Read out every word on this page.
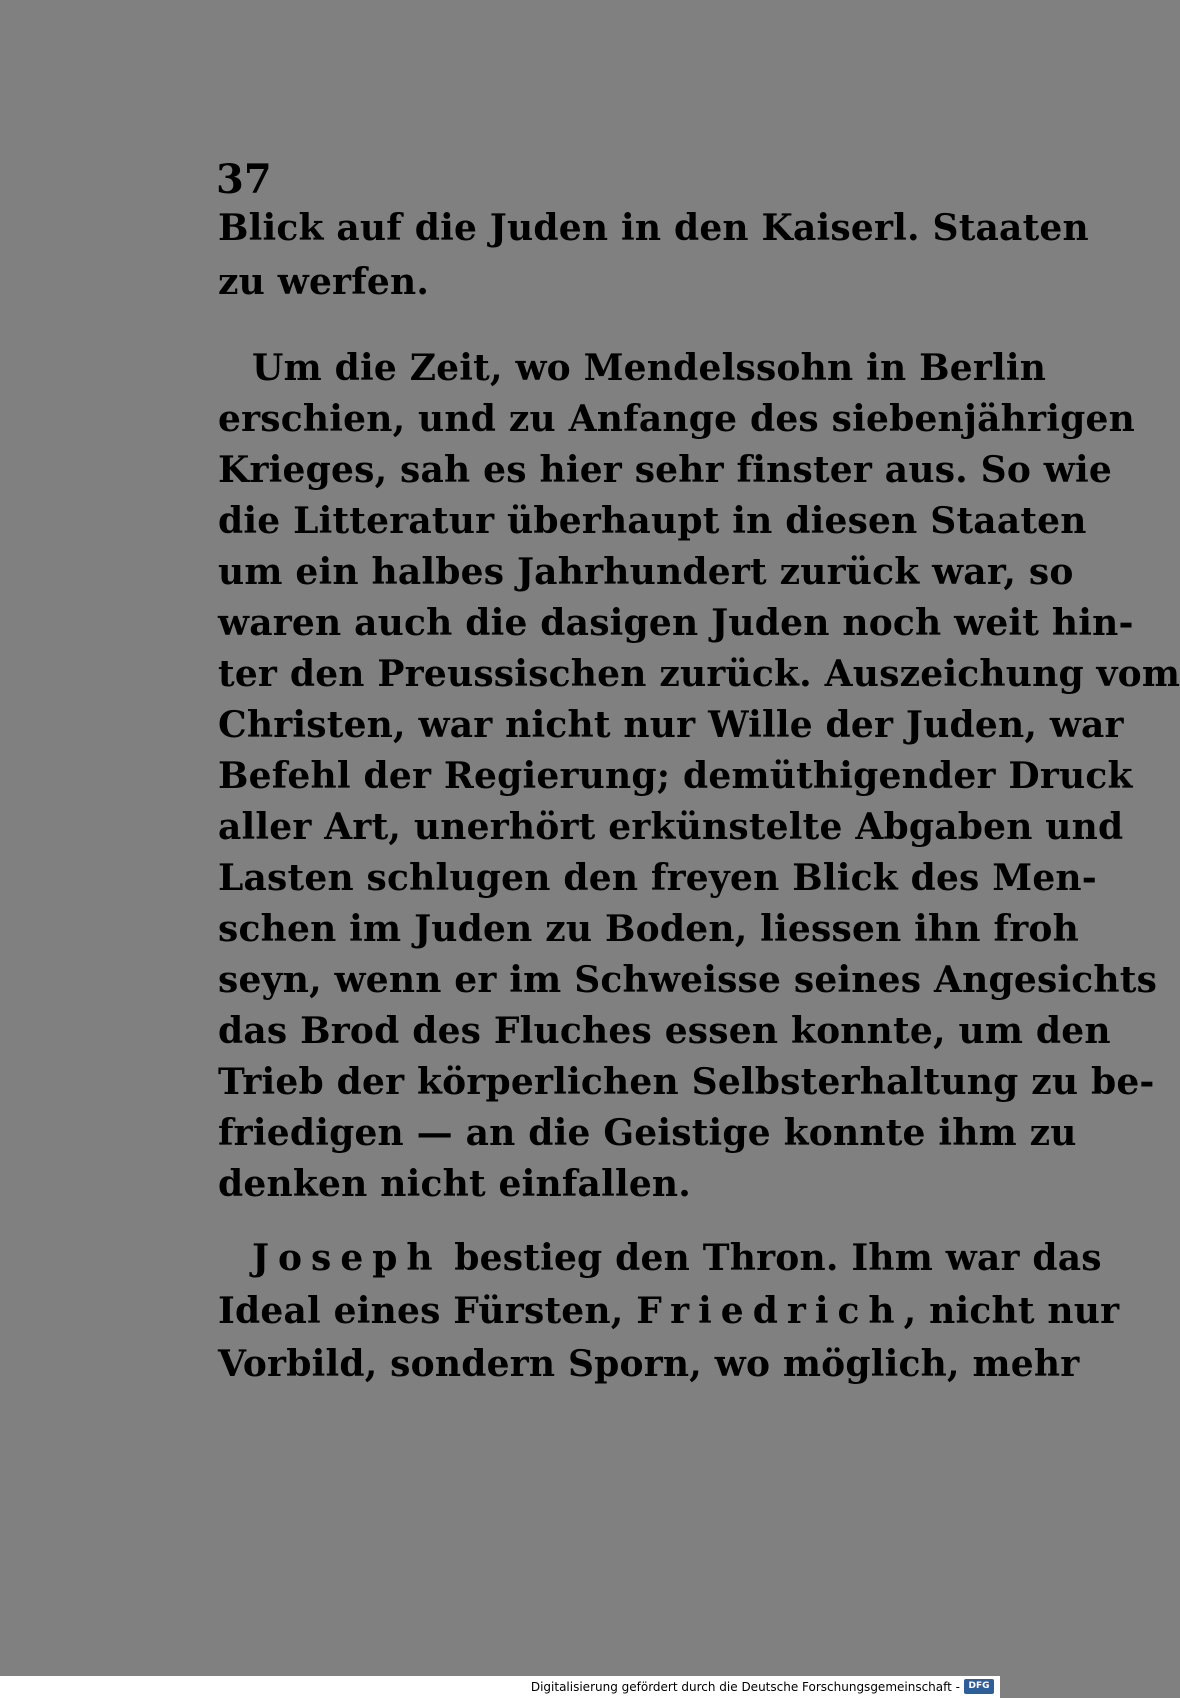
37
Blick auf die Juden in den Kaiserl. Staaten
zu werfen.
Um die Zeit, wo Mendelssohn in Berlin
erschien, und zu Anfange des siebenjährigen
Krieges, sah es hier sehr finster aus. So wie
die Litteratur überhaupt in diesen Staaten
um ein halbes Jahrhundert zurück war, so
waren auch die dasigen Juden noch weit hin-
ter den Preussischen zurück. Auszeichung vom
Christen, war nicht nur Wille der Juden, war
Befehl der Regierung; demüthigender Druck
aller Art, unerhört erkünstelte Abgaben und
Lasten schlugen den freyen Blick des Men-
schen im Juden zu Boden, liessen ihn froh
seyn, wenn er im Schweisse seines Angesichts
das Brod des Fluches essen konnte, um den
Trieb der körperlichen Selbsterhaltung zu be-
friedigen — an die Geistige konnte ihm zu
denken nicht einfallen.
Joseph bestieg den Thron. Ihm war das
Ideal eines Fürsten, Friedrich, nicht nur
Vorbild, sondern Sporn, wo möglich, mehr
Digitalisierung gefördert durch die Deutsche Forschungsgemeinschaft - DFG
